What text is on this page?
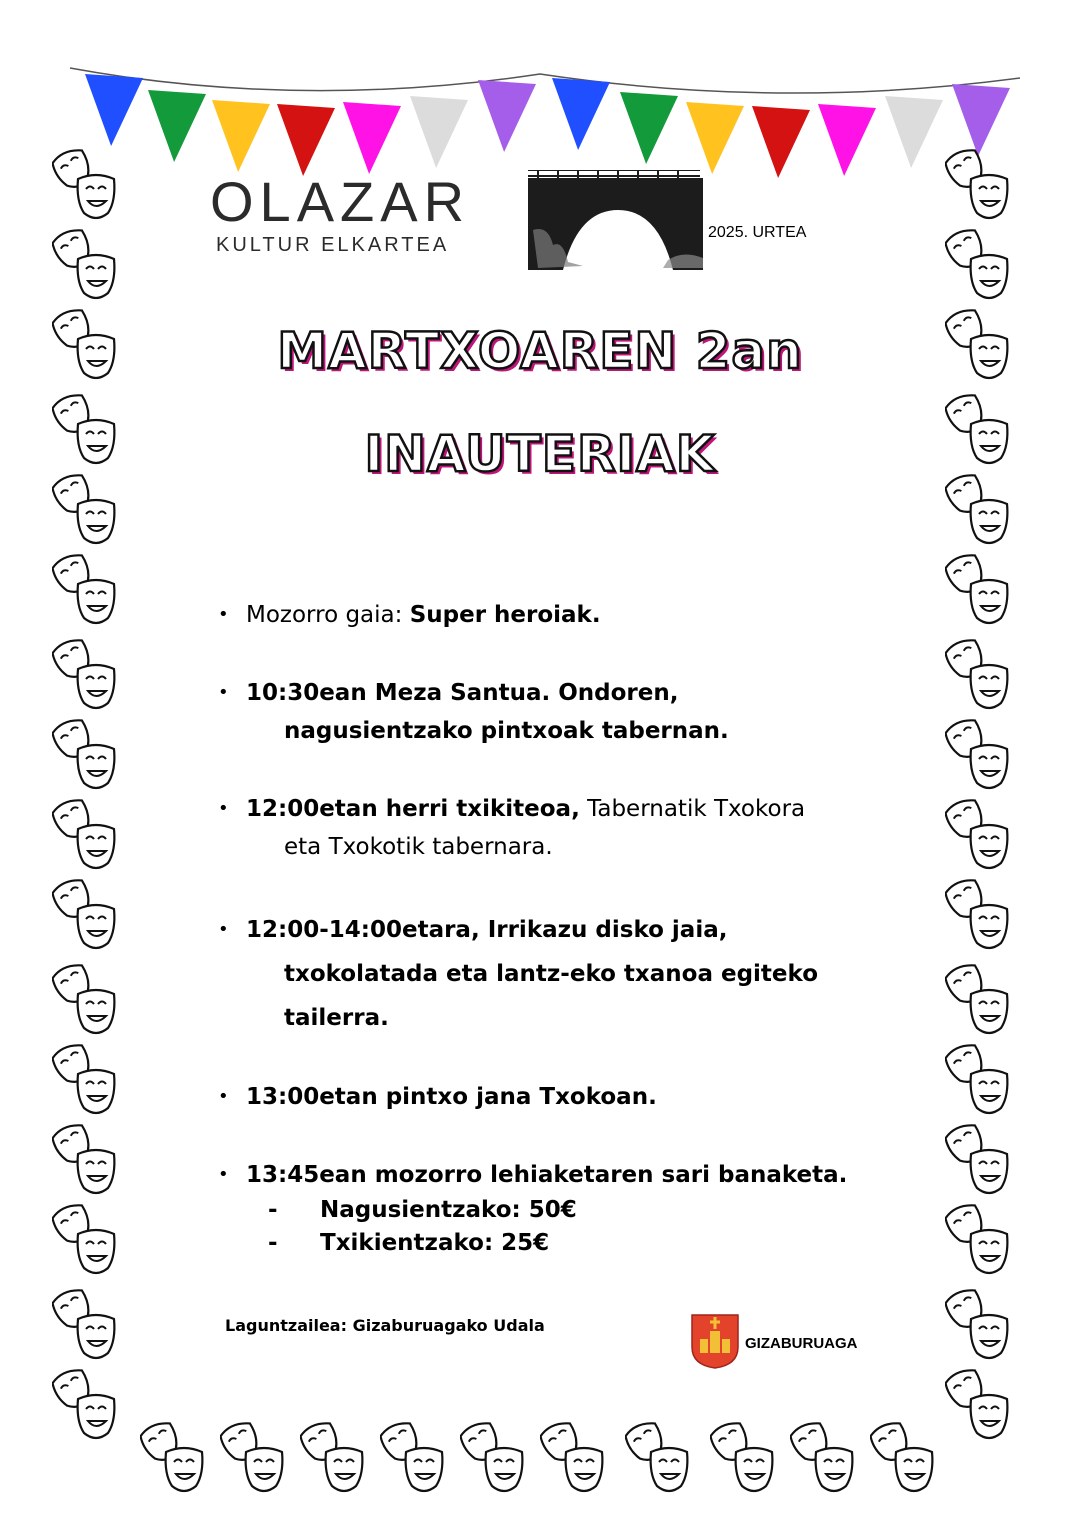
OLAZAR
KULTUR ELKARTEA
2025. URTEA
MARTXOAREN 2an
INAUTERIAK
• Mozorro gaia: Super heroiak.
• 10:30ean Meza Santua. Ondoren,
nagusientzako pintxoak tabernan.
• 12:00etan herri txikiteoa, Tabernatik Txokora
eta Txokotik tabernara.
• 12:00-14:00etara, Irrikazu disko jaia,
txokolatada eta lantz-eko txanoa egiteko
tailerra.
• 13:00etan pintxo jana Txokoan.
• 13:45ean mozorro lehiaketaren sari banaketa.
- Nagusientzako: 50€
- Txikientzako: 25€
Laguntzailea: Gizaburuagako Udala
GIZABURUAGA
